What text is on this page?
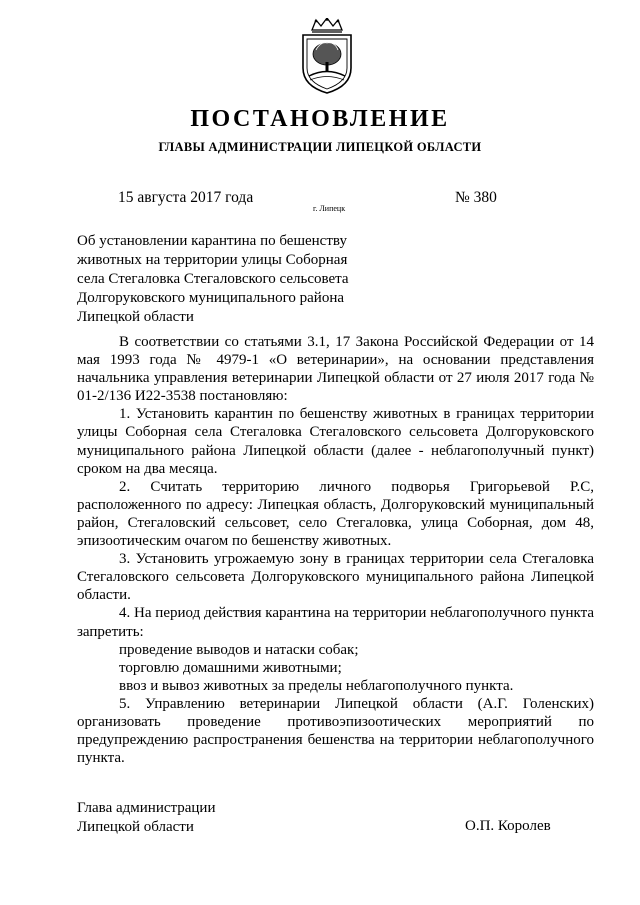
ПОСТАНОВЛЕНИЕ
ГЛАВЫ АДМИНИСТРАЦИИ ЛИПЕЦКОЙ ОБЛАСТИ
15 августа 2017 года
г. Липецк
№ 380

Об установлении карантина по бешенству животных на территории улицы Соборная села Стегаловка Стегаловского сельсовета Долгоруковского муниципального района Липецкой области

В соответствии со статьями 3.1, 17 Закона Российской Федерации от 14 мая 1993 года № 4979-1 «О ветеринарии», на основании представления начальника управления ветеринарии Липецкой области от 27 июля 2017 года № 01-2/136 И22-3538 постановляю:

1. Установить карантин по бешенству животных в границах территории улицы Соборная села Стегаловка Стегаловского сельсовета Долгоруковского муниципального района Липецкой области (далее - неблагополучный пункт) сроком на два месяца.

2. Считать территорию личного подворья Григорьевой Р.С, расположенного по адресу: Липецкая область, Долгоруковский муниципальный район, Стегаловский сельсовет, село Стегаловка, улица Соборная, дом 48, эпизоотическим очагом по бешенству животных.

3. Установить угрожаемую зону в границах территории села Стегаловка Стегаловского сельсовета Долгоруковского муниципального района Липецкой области.

4. На период действия карантина на территории неблагополучного пункта запретить:

проведение выводов и натаски собак;

торговлю домашними животными;

ввоз и вывоз животных за пределы неблагополучного пункта.

5. Управлению ветеринарии Липецкой области (А.Г. Голенских) организовать проведение противоэпизоотических мероприятий по предупреждению распространения бешенства на территории неблагополучного пункта.

Глава администрации
Липецкой области	О.П. Королев
